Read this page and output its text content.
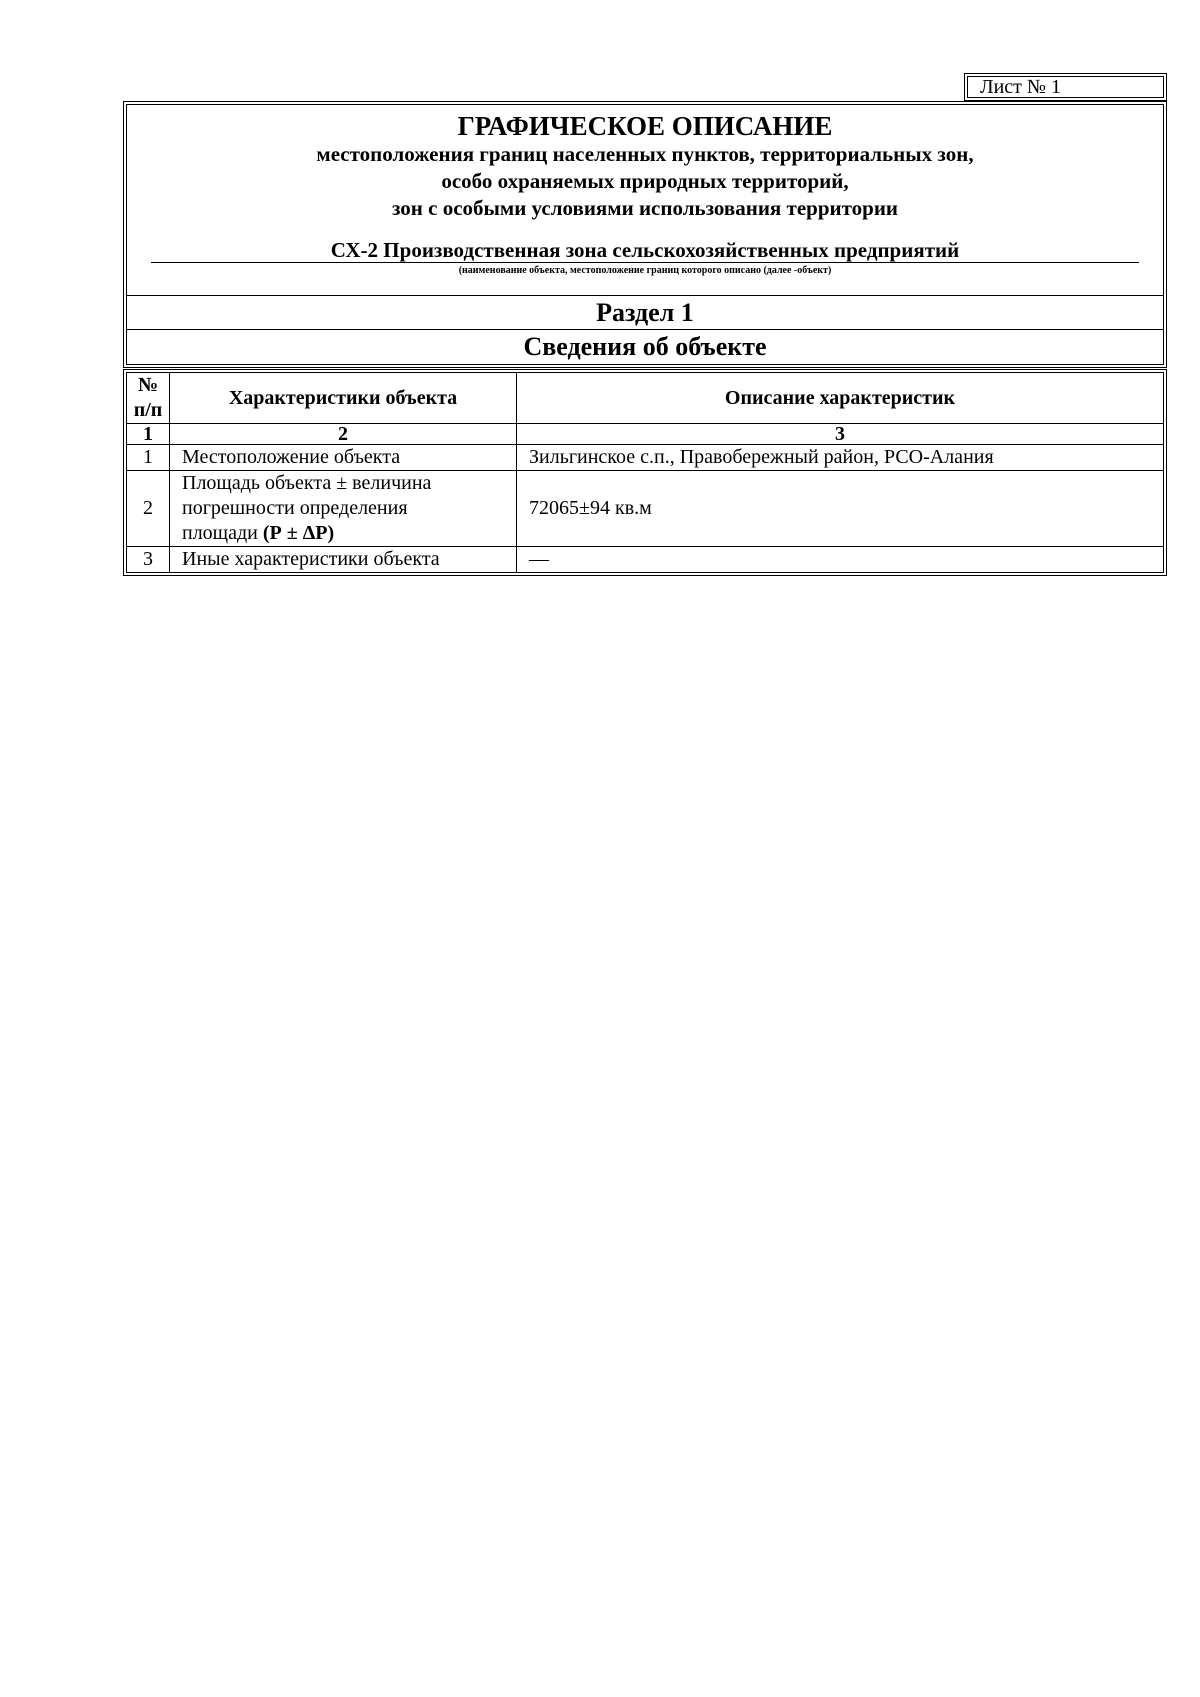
Лист № 1
ГРАФИЧЕСКОЕ ОПИСАНИЕ
местоположения границ населенных пунктов, территориальных зон,
особо охраняемых природных территорий,
зон с особыми условиями использования территории
СХ-2 Производственная зона сельскохозяйственных предприятий
(наименование объекта, местоположение границ которого описано (далее -объект)
Раздел 1
Сведения об объекте
№ п/п	Характеристики объекта	Описание характеристик
1	2	3
1	Местоположение объекта	Зильгинское с.п., Правобережный район, РСО-Алания
2	Площадь объекта ± величина
погрешности определения
площади (Р ± ΔР)	72065±94 кв.м
3	Иные характеристики объекта	—
